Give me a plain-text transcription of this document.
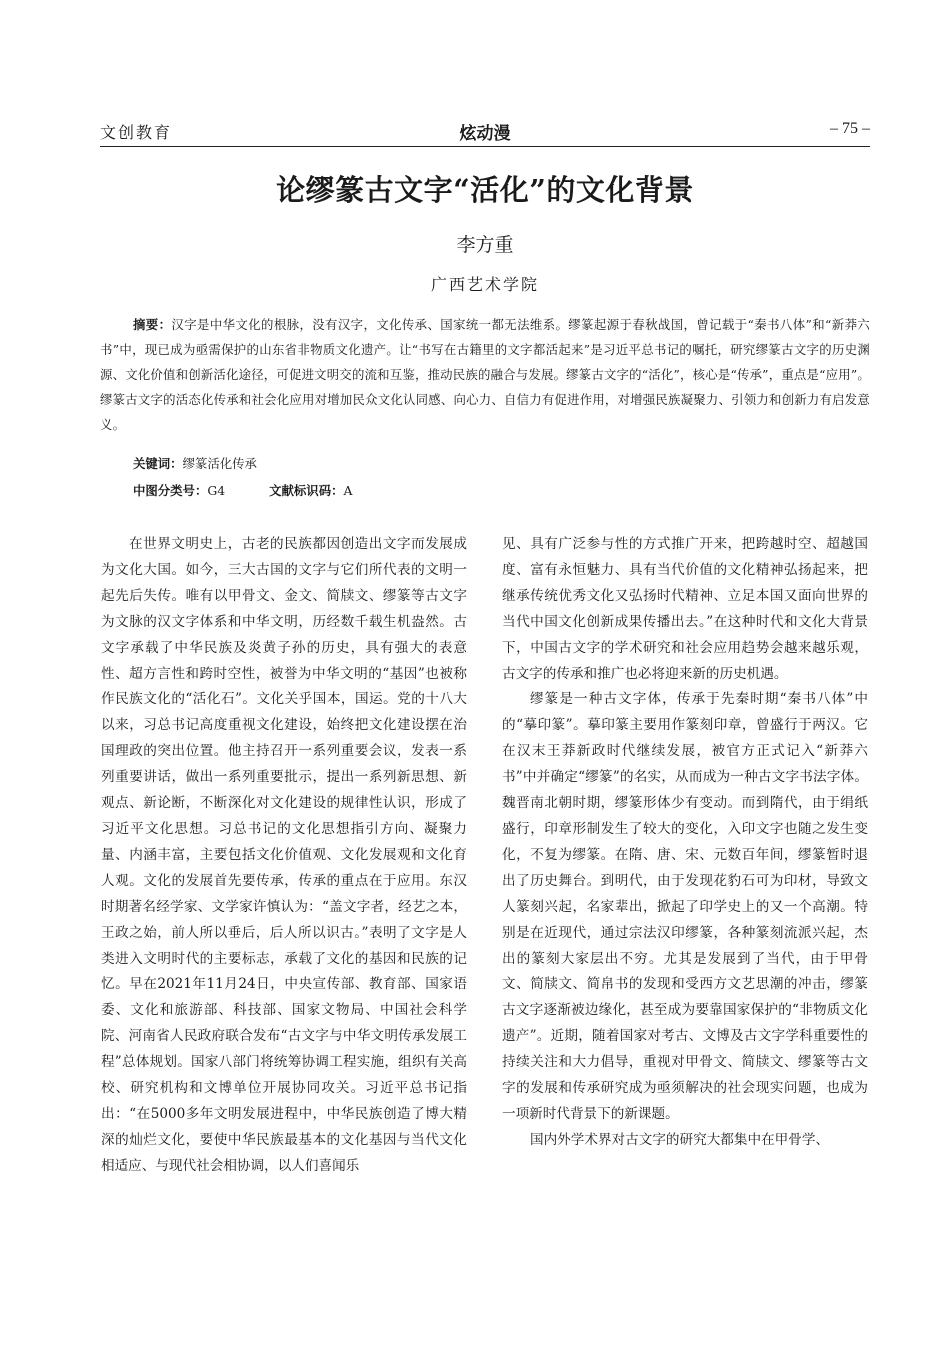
文创教育	炫动漫	– 75 –
论缪篆古文字“活化”的文化背景
李方重
广西艺术学院
摘要：汉字是中华文化的根脉，没有汉字，文化传承、国家统一都无法维系。缪篆起源于春秋战国，曾记载于“秦书八体”和“新莽六书”中，现已成为亟需保护的山东省非物质文化遗产。让“书写在古籍里的文字都活起来”是习近平总书记的嘱托，研究缪篆古文字的历史渊源、文化价值和创新活化途径，可促进文明交的流和互鉴，推动民族的融合与发展。缪篆古文字的“活化”，核心是“传承”，重点是“应用”。缪篆古文字的活态化传承和社会化应用对增加民众文化认同感、向心力、自信力有促进作用，对增强民族凝聚力、引领力和创新力有启发意义。
关键词：缪篆活化传承
中图分类号：G4	文献标识码：A

在世界文明史上，古老的民族都因创造出文字而发展成为文化大国。如今，三大古国的文字与它们所代表的文明一起先后失传。唯有以甲骨文、金文、简牍文、缪篆等古文字为文脉的汉文字体系和中华文明，历经数千载生机盎然。古文字承载了中华民族及炎黄子孙的历史，具有强大的表意性、超方言性和跨时空性，被誉为中华文明的“基因”也被称作民族文化的“活化石”。文化关乎国本，国运。党的十八大以来，习总书记高度重视文化建设，始终把文化建设摆在治国理政的突出位置。他主持召开一系列重要会议，发表一系列重要讲话，做出一系列重要批示，提出一系列新思想、新观点、新论断，不断深化对文化建设的规律性认识，形成了习近平文化思想。习总书记的文化思想指引方向、凝聚力量、内涵丰富，主要包括文化价值观、文化发展观和文化育人观。文化的发展首先要传承，传承的重点在于应用。东汉时期著名经学家、文学家许慎认为：“盖文字者，经艺之本，王政之始，前人所以垂后，后人所以识古。”表明了文字是人类进入文明时代的主要标志，承载了文化的基因和民族的记忆。早在2021年11月24日，中央宣传部、教育部、国家语委、文化和旅游部、科技部、国家文物局、中国社会科学院、河南省人民政府联合发布“古文字与中华文明传承发展工程”总体规划。国家八部门将统筹协调工程实施，组织有关高校、研究机构和文博单位开展协同攻关。习近平总书记指出：“在5000多年文明发展进程中，中华民族创造了博大精深的灿烂文化，要使中华民族最基本的文化基因与当代文化相适应、与现代社会相协调，以人们喜闻乐

见、具有广泛参与性的方式推广开来，把跨越时空、超越国度、富有永恒魅力、具有当代价值的文化精神弘扬起来，把继承传统优秀文化又弘扬时代精神、立足本国又面向世界的当代中国文化创新成果传播出去。”在这种时代和文化大背景下，中国古文字的学术研究和社会应用趋势会越来越乐观，古文字的传承和推广也必将迎来新的历史机遇。

缪篆是一种古文字体，传承于先秦时期“秦书八体”中的“摹印篆”。摹印篆主要用作篆刻印章，曾盛行于两汉。它在汉末王莽新政时代继续发展，被官方正式记入“新莽六书”中并确定“缪篆”的名实，从而成为一种古文字书法字体。魏晋南北朝时期，缪篆形体少有变动。而到隋代，由于绢纸盛行，印章形制发生了较大的变化，入印文字也随之发生变化，不复为缪篆。在隋、唐、宋、元数百年间，缪篆暂时退出了历史舞台。到明代，由于发现花豹石可为印材，导致文人篆刻兴起，名家辈出，掀起了印学史上的又一个高潮。特别是在近现代，通过宗法汉印缪篆，各种篆刻流派兴起，杰出的篆刻大家层出不穷。尤其是发展到了当代，由于甲骨文、简牍文、简帛书的发现和受西方文艺思潮的冲击，缪篆古文字逐渐被边缘化，甚至成为要靠国家保护的“非物质文化遗产”。近期，随着国家对考古、文博及古文字学科重要性的持续关注和大力倡导，重视对甲骨文、简牍文、缪篆等古文字的发展和传承研究成为亟须解决的社会现实问题，也成为一项新时代背景下的新课题。

国内外学术界对古文字的研究大都集中在甲骨学、
